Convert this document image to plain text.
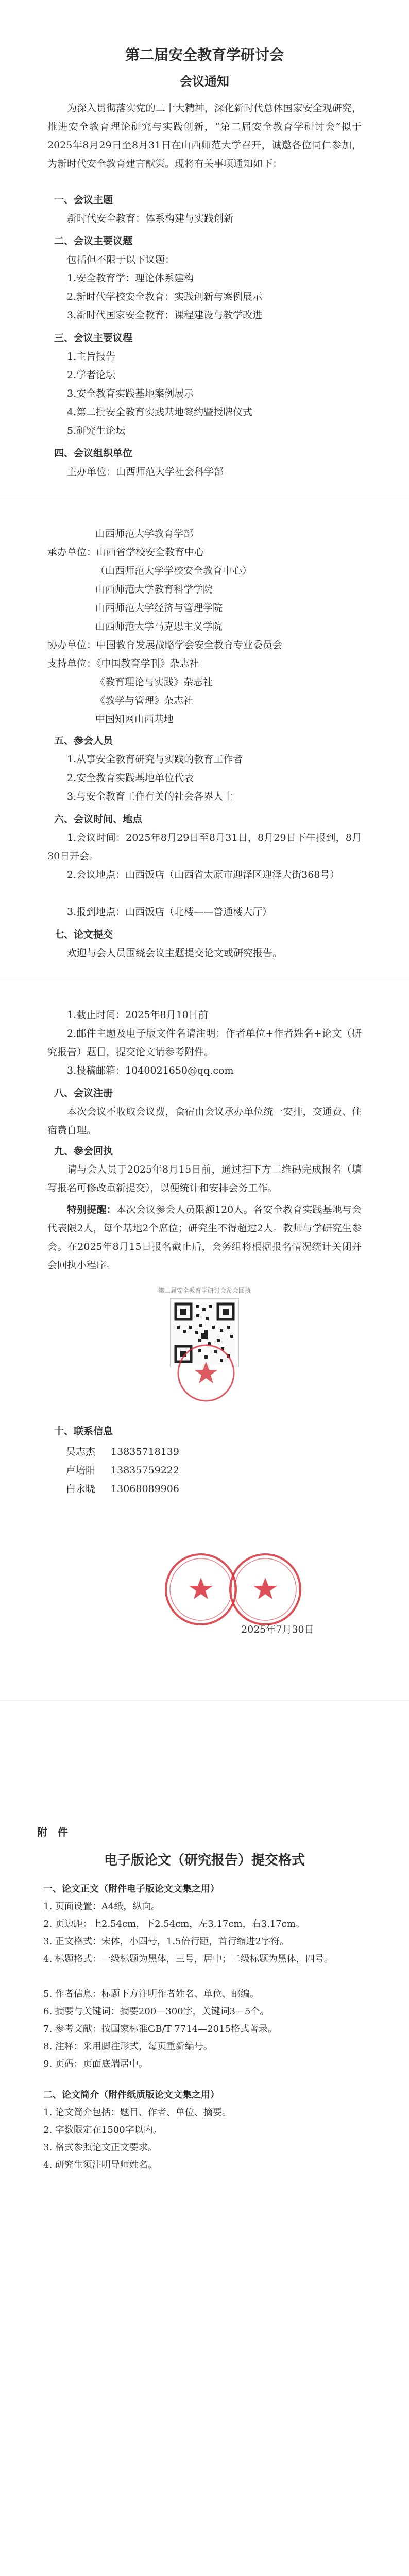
第二届安全教育学研讨会
会议通知
为深入贯彻落实党的二十大精神，深化新时代总体国家安全观研究，推进安全教育理论研究与实践创新，“第二届安全教育学研讨会”拟于2025年8月29日至8月31日在山西师范大学召开，诚邀各位同仁参加，为新时代安全教育建言献策。现将有关事项通知如下：
一、会议主题
新时代安全教育：体系构建与实践创新
二、会议主要议题
包括但不限于以下议题：
1.安全教育学：理论体系建构
2.新时代学校安全教育：实践创新与案例展示
3.新时代国家安全教育：课程建设与教学改进
三、会议主要议程
1.主旨报告
2.学者论坛
3.安全教育实践基地案例展示
4.第二批安全教育实践基地签约暨授牌仪式
5.研究生论坛
四、会议组织单位
主办单位：山西师范大学社会科学部
山西师范大学教育学部
承办单位：山西省学校安全教育中心
（山西师范大学学校安全教育中心）
山西师范大学教育科学学院
山西师范大学经济与管理学院
山西师范大学马克思主义学院
协办单位：中国教育发展战略学会安全教育专业委员会
支持单位：《中国教育学刊》杂志社
《教育理论与实践》杂志社
《教学与管理》杂志社
中国知网山西基地
五、参会人员
1.从事安全教育研究与实践的教育工作者
2.安全教育实践基地单位代表
3.与安全教育工作有关的社会各界人士
六、会议时间、地点
1.会议时间：2025年8月29日至8月31日，8月29日下午报到，8月30日开会。
2.会议地点：山西饭店（山西省太原市迎泽区迎泽大街368号）
3.报到地点：山西饭店（北楼——普通楼大厅）
七、论文提交
欢迎与会人员围绕会议主题提交论文或研究报告。
1.截止时间：2025年8月10日前
2.邮件主题及电子版文件名请注明：作者单位+作者姓名+论文（研究报告）题目，提交论文请参考附件。
3.投稿邮箱：1040021650@qq.com
八、会议注册
本次会议不收取会议费，食宿由会议承办单位统一安排，交通费、住宿费自理。
九、参会回执
请与会人员于2025年8月15日前，通过扫下方二维码完成报名（填写报名可修改重新提交），以便统计和安排会务工作。
特别提醒：本次会议参会人员限额120人。各安全教育实践基地与会代表限2人，每个基地2个席位；研究生不得超过2人。教师与学研究生参会。在2025年8月15日报名截止后，会务组将根据报名情况统计关闭并会回执小程序。
第二届安全教育学研讨会参会回执
十、联系信息
吴志杰 13835718139
卢培阳 13835759222
白永晓 13068089906
2025年7月30日
附　件
电子版论文（研究报告）提交格式
一、论文正文（附件电子版论文文集之用）
1. 页面设置：A4纸，纵向。
2. 页边距：上2.54cm，下2.54cm，左3.17cm，右3.17cm。
3. 正文格式：宋体，小四号，1.5倍行距，首行缩进2字符。
4. 标题格式：一级标题为黑体，三号，居中；二级标题为黑体，四号。
5. 作者信息：标题下方注明作者姓名、单位、邮编。
6. 摘要与关键词：摘要200—300字，关键词3—5个。
7. 参考文献：按国家标准GB/T 7714—2015格式著录。
8. 注释：采用脚注形式，每页重新编号。
9. 页码：页面底端居中。
二、论文简介（附件纸质版论文文集之用）
1. 论文简介包括：题目、作者、单位、摘要。
2. 字数限定在1500字以内。
3. 格式参照论文正文要求。
4. 研究生须注明导师姓名。
